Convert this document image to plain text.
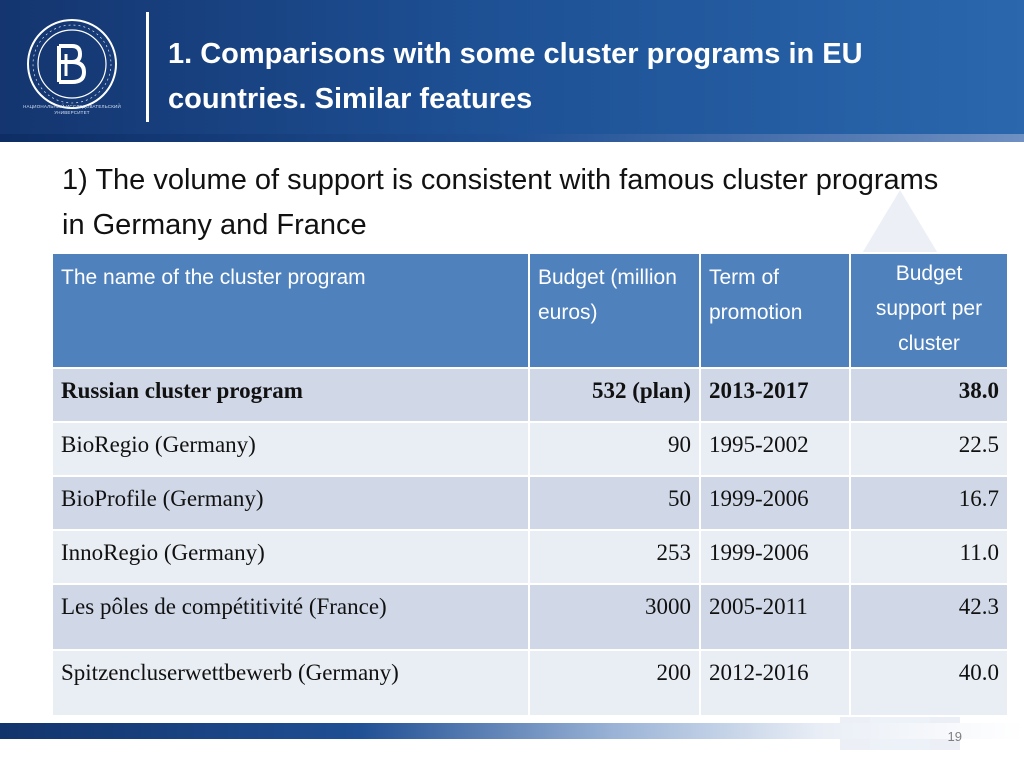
НАЦИОНАЛЬНЫЙ ИССЛЕДОВАТЕЛЬСКИЙ УНИВЕРСИТЕТ
1. Comparisons with some cluster programs in EU countries. Similar features

1) The volume of support is consistent with famous cluster programs in Germany and France

The name of the cluster program	Budget (million euros)	Term of promotion	Budget support per cluster
Russian cluster program	532 (plan)	2013-2017	38.0
BioRegio (Germany)	90	1995-2002	22.5
BioProfile (Germany)	50	1999-2006	16.7
InnoRegio (Germany)	253	1999-2006	11.0
Les pôles de compétitivité (France)	3000	2005-2011	42.3
Spitzencluserwettbewerb (Germany)	200	2012-2016	40.0
19
